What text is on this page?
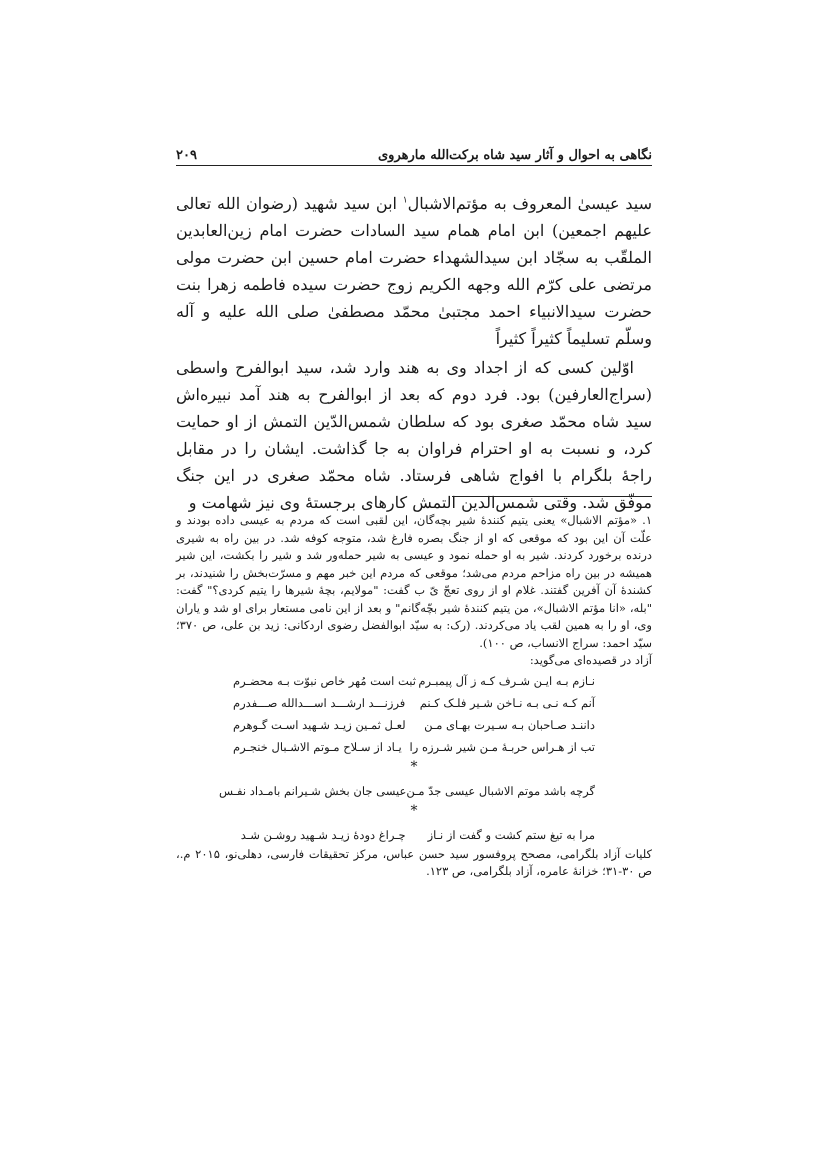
نگاهی به احوال و آثار سید شاه برکت‌الله مارهروی
۲۰۹

سید عیسیٰ المعروف به مؤتم‌الاشبال$^۱$ ابن سید شهید (رضوان الله تعالی علیهم اجمعین) ابن امام همام سید السادات حضرت امام زین‌العابدین الملقّب به سجّاد ابن سیدالشهداء حضرت امام حسین ابن حضرت مولی مرتضی علی کرّم الله وجهه الکریم زوج حضرت سیده فاطمه زهرا بنت حضرت سیدالانبیاء احمد مجتبیٰ محمّد مصطفیٰ صلی الله علیه و آله وسلّم تسلیماً کثیراً کثیراً

اوّلین کسی که از اجداد وی به هند وارد شد، سید ابوالفرح واسطی (سراج‌العارفین) بود. فرد دوم که بعد از ابوالفرح به هند آمد نبیره‌اش سید شاه محمّد صغری بود که سلطان شمس‌الدّین التمش از او حمایت کرد، و نسبت به او احترام فراوان به جا گذاشت. ایشان را در مقابل راجۀ بلگرام با افواج شاهی فرستاد. شاه محمّد صغری در این جنگ موفّق شد. وقتی شمس‌الدین التمش کارهای برجستۀ وی نیز شهامت و

۱. «مؤتم الاشبال» یعنی یتیم کنندۀ شیر بچه‌گان، این لقبی است که مردم به عیسی داده بودند و علّت آن این بود که موقعی که او از جنگ بصره فارغ شد، متوجه کوفه شد. در بین راه به شیری درنده برخورد کردند. شیر به او حمله نمود و عیسی به شیر حمله‌ور شد و شیر را بکشت، این شیر همیشه در بین راه مزاحم مردم می‌شد؛ موقعی که مردم این خبر مهم و مسرّت‌بخش را شنیدند، بر کشندۀ آن آفرین گفتند. غلام او از روی تعجّ یّ ب گفت: "مولایم، بچۀ شیرها را یتیم کردی؟" گفت: "بله، «انا مؤتم الاشبال»، من یتیم کنندۀ شیر بچّه‌گانم" و بعد از این نامی مستعار برای او شد و یاران وی، او را به همین لقب یاد می‌کردند. (رک: به سیّد ابوالفضل رضوی اردکانی: زید بن علی، ص ۳۷۰؛ سیّد احمد: سراج الانساب، ص ۱۰۰).

آزاد در قصیده‌ای می‌گوید:

نـازم بـه ایـن شـرف کـه ز آل پیمبـرم
ثبت است مُهر خاص نبوّت بـه محضـرم
آنم کـه نـی بـه نـاخن شـیر فلـک کـنم
فرزنـــد ارشـــد اســـدالله صـــفدرم
داننـد صـاحبان بـه سـیرت بهـای مـن
لعـل ثمـین زیـد شـهید اسـت گـوهرم
تب از هـراس حربـۀ مـن شیر شـرزه را
یـاد از سـلاح مـوتم الاشـبال خنجـرم
*
گرچه باشد موتم الاشبال عیسی جدّ مـن
عیسی جان بخش شـیرانم بامـداد نفـس
*
مرا به تیغ ستم کشت و گفت از نـاز      چـراغ دودۀ زیـد شـهید روشـن شـد

کلیات آزاد بلگرامی، مصحح پروفسور سید حسن عباس، مرکز تحقیقات فارسی، دهلی‌نو، ۲۰۱۵ م.، ص ۳۰-۳۱؛ خزانۀ عامره، آزاد بلگرامی، ص ۱۲۳.
